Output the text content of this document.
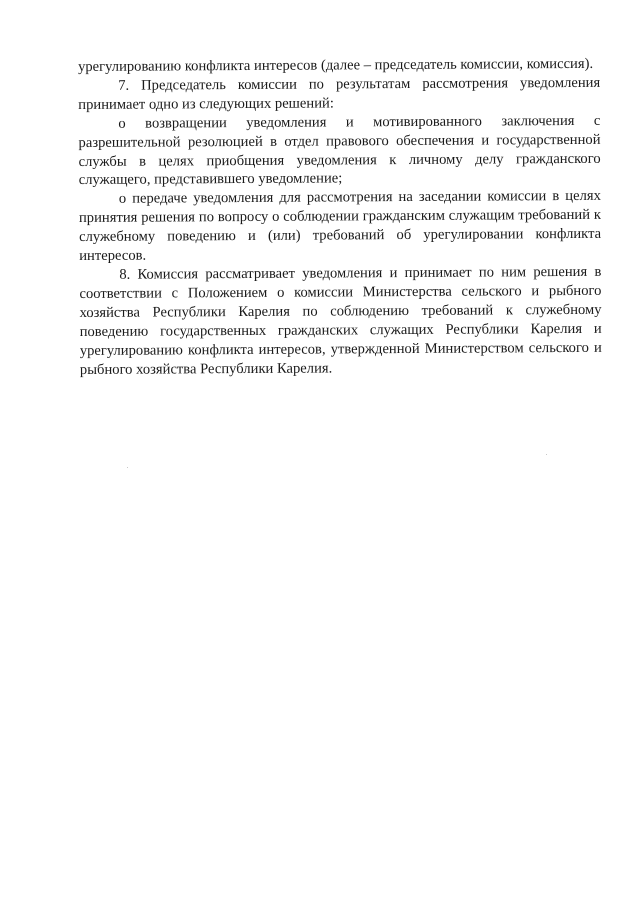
урегулированию конфликта интересов (далее – председатель комиссии, комиссия).

7. Председатель комиссии по результатам рассмотрения уведомления принимает одно из следующих решений:

о возвращении уведомления и мотивированного заключения с разрешительной резолюцией в отдел правового обеспечения и государственной службы в целях приобщения уведомления к личному делу гражданского служащего, представившего уведомление;

о передаче уведомления для рассмотрения на заседании комиссии в целях принятия решения по вопросу о соблюдении гражданским служащим требований к служебному поведению и (или) требований об урегулировании конфликта интересов.

8. Комиссия рассматривает уведомления и принимает по ним решения в соответствии с Положением о комиссии Министерства сельского и рыбного хозяйства Республики Карелия по соблюдению требований к служебному поведению государственных гражданских служащих Республики Карелия и урегулированию конфликта интересов, утвержденной Министерством сельского и рыбного хозяйства Республики Карелия.
